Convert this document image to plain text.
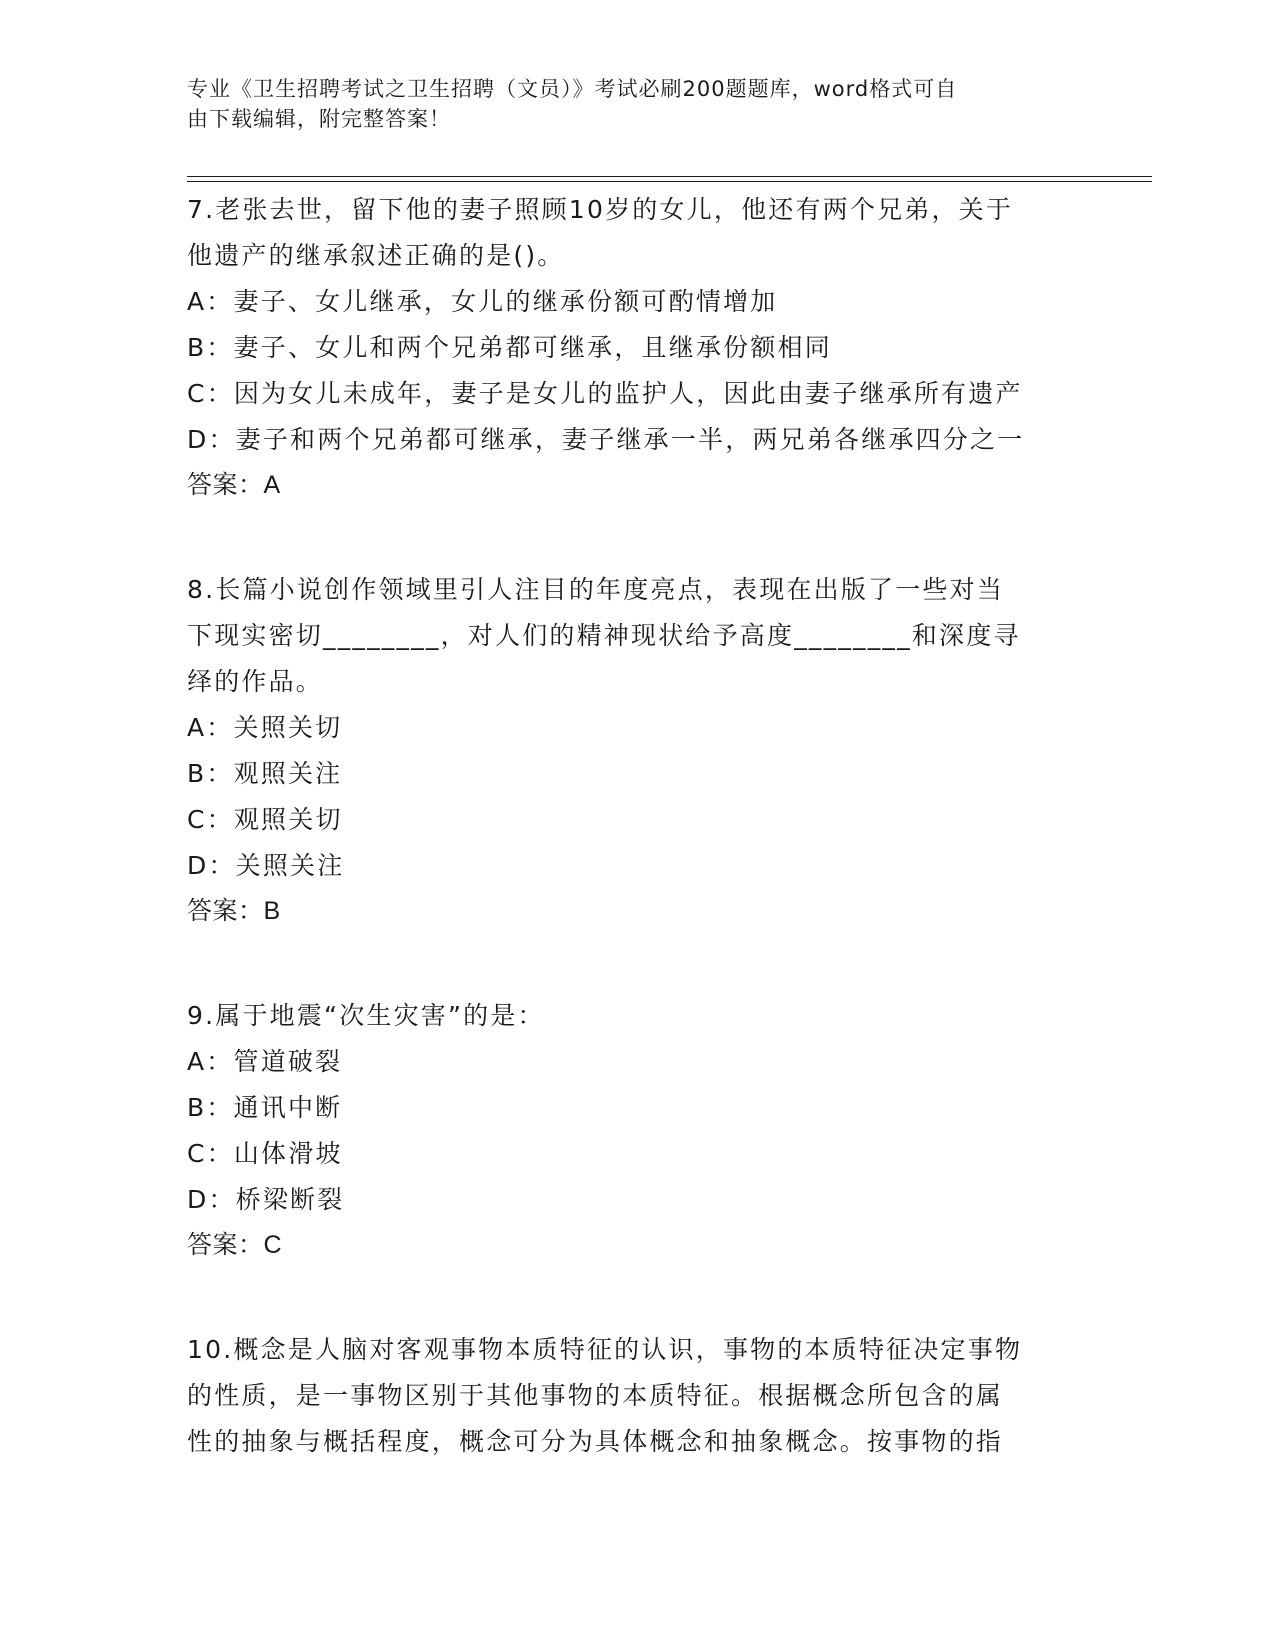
专业《卫生招聘考试之卫生招聘（文员）》考试必刷200题题库，word格式可自
由下载编辑，附完整答案！
7.老张去世，留下他的妻子照顾10岁的女儿，他还有两个兄弟，关于
他遗产的继承叙述正确的是()。
A：妻子、女儿继承，女儿的继承份额可酌情增加
B：妻子、女儿和两个兄弟都可继承，且继承份额相同
C：因为女儿未成年，妻子是女儿的监护人，因此由妻子继承所有遗产
D：妻子和两个兄弟都可继承，妻子继承一半，两兄弟各继承四分之一
答案：A
8.长篇小说创作领域里引人注目的年度亮点，表现在出版了一些对当
下现实密切________，对人们的精神现状给予高度________和深度寻
绎的作品。
A：关照关切
B：观照关注
C：观照关切
D：关照关注
答案：B
9.属于地震“次生灾害”的是：
A：管道破裂
B：通讯中断
C：山体滑坡
D：桥梁断裂
答案：C
10.概念是人脑对客观事物本质特征的认识，事物的本质特征决定事物
的性质，是一事物区别于其他事物的本质特征。根据概念所包含的属
性的抽象与概括程度，概念可分为具体概念和抽象概念。按事物的指
